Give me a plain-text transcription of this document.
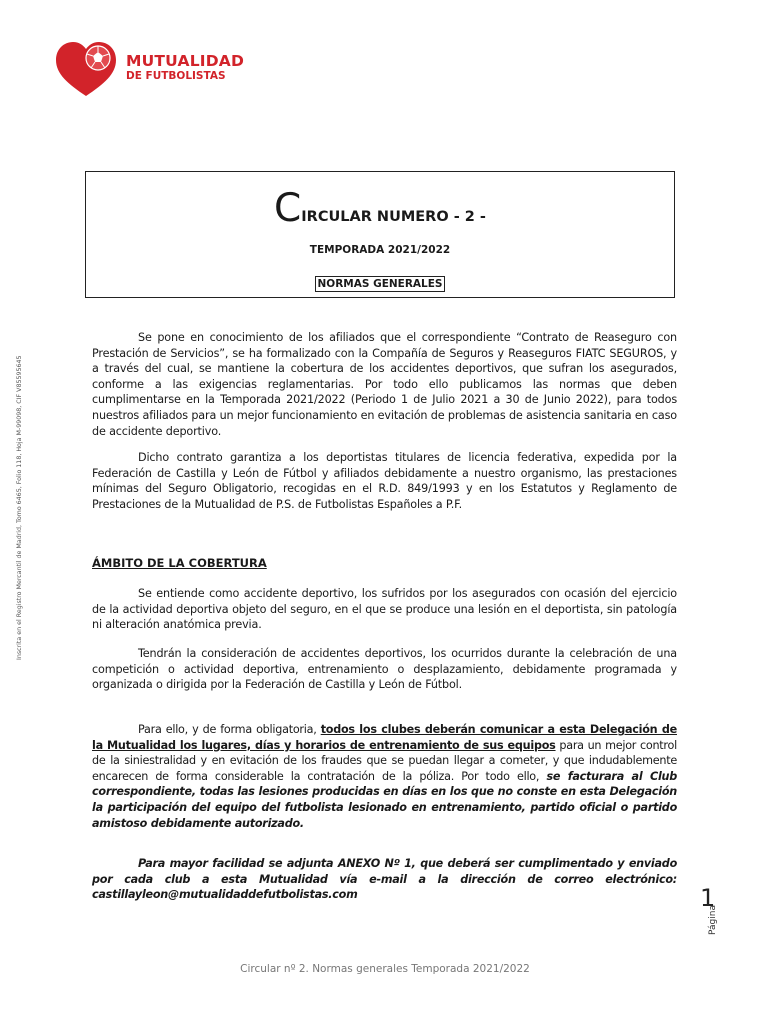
MUTUALIDAD
DE FUTBOLISTAS
Inscrita en el Registro Mercantil de Madrid, Tomo 6465, Folio 118, Hoja M-99098, CIF V85595645
CIRCULAR NUMERO - 2 -
TEMPORADA 2021/2022
NORMAS GENERALES
Se pone en conocimiento de los afiliados que el correspondiente “Contrato de Reaseguro con Prestación de Servicios”, se ha formalizado con la Compañía de Seguros y Reaseguros FIATC SEGUROS, y a través del cual, se mantiene la cobertura de los accidentes deportivos, que sufran los asegurados, conforme a las exigencias reglamentarias. Por todo ello publicamos las normas que deben cumplimentarse en la Temporada 2021/2022 (Periodo 1 de Julio 2021 a 30 de Junio 2022), para todos nuestros afiliados para un mejor funcionamiento en evitación de problemas de asistencia sanitaria en caso de accidente deportivo.
Dicho contrato garantiza a los deportistas titulares de licencia federativa, expedida por la Federación de Castilla y León de Fútbol y afiliados debidamente a nuestro organismo, las prestaciones mínimas del Seguro Obligatorio, recogidas en el R.D. 849/1993 y en los Estatutos y Reglamento de Prestaciones de la Mutualidad de P.S. de Futbolistas Españoles a P.F.
ÁMBITO DE LA COBERTURA
Se entiende como accidente deportivo, los sufridos por los asegurados con ocasión del ejercicio de la actividad deportiva objeto del seguro, en el que se produce una lesión en el deportista, sin patología ni alteración anatómica previa.
Tendrán la consideración de accidentes deportivos, los ocurridos durante la celebración de una competición o actividad deportiva, entrenamiento o desplazamiento, debidamente programada y organizada o dirigida por la Federación de Castilla y León de Fútbol.
Para ello, y de forma obligatoria, todos los clubes deberán comunicar a esta Delegación de la Mutualidad los lugares, días y horarios de entrenamiento de sus equipos para un mejor control de la siniestralidad y en evitación de los fraudes que se puedan llegar a cometer, y que indudablemente encarecen de forma considerable la contratación de la póliza. Por todo ello, se facturara al Club correspondiente, todas las lesiones producidas en días en los que no conste en esta Delegación la participación del equipo del futbolista lesionado en entrenamiento, partido oficial o partido amistoso debidamente autorizado.
Para mayor facilidad se adjunta ANEXO Nº 1, que deberá ser cumplimentado y enviado por cada club a esta Mutualidad vía e-mail a la dirección de correo electrónico: castillayleon@mutualidaddefutbolistas.com
Página
1
Circular nº 2. Normas generales Temporada 2021/2022
